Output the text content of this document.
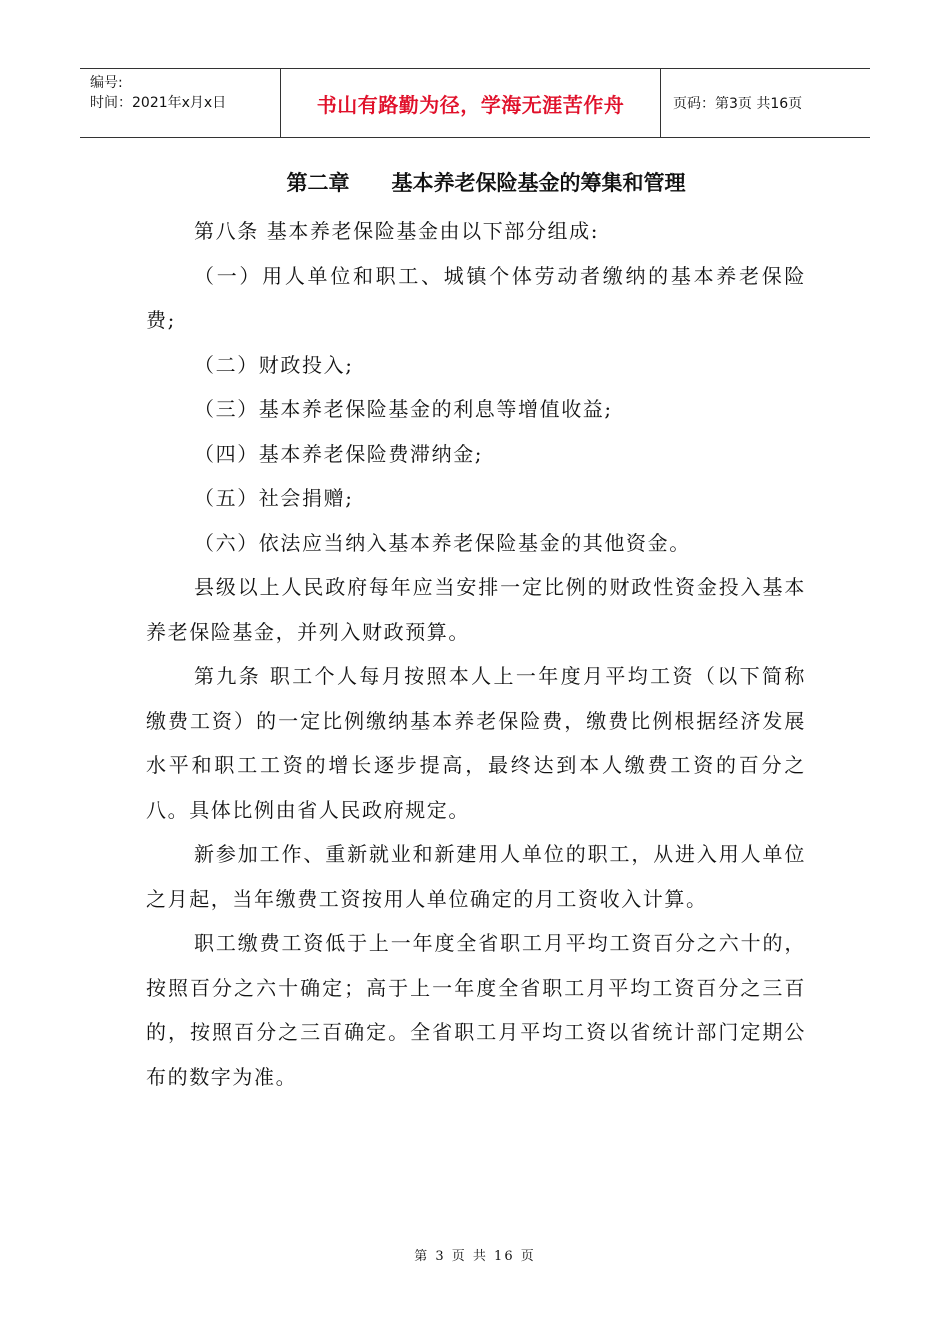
编号:
时间：2021年x月x日	书山有路勤为径，学海无涯苦作舟	页码：第3页 共16页
第二章　　基本养老保险基金的筹集和管理

第八条 基本养老保险基金由以下部分组成:

（一）用人单位和职工、城镇个体劳动者缴纳的基本养老保险费;

（二）财政投入;

（三）基本养老保险基金的利息等增值收益;

（四）基本养老保险费滞纳金;

（五）社会捐赠;

（六）依法应当纳入基本养老保险基金的其他资金。

县级以上人民政府每年应当安排一定比例的财政性资金投入基本养老保险基金，并列入财政预算。

第九条 职工个人每月按照本人上一年度月平均工资（以下简称缴费工资）的一定比例缴纳基本养老保险费，缴费比例根据经济发展水平和职工工资的增长逐步提高，最终达到本人缴费工资的百分之八。具体比例由省人民政府规定。

新参加工作、重新就业和新建用人单位的职工，从进入用人单位之月起，当年缴费工资按用人单位确定的月工资收入计算。

职工缴费工资低于上一年度全省职工月平均工资百分之六十的，按照百分之六十确定；高于上一年度全省职工月平均工资百分之三百的，按照百分之三百确定。全省职工月平均工资以省统计部门定期公布的数字为准。

第 3 页 共 16 页
